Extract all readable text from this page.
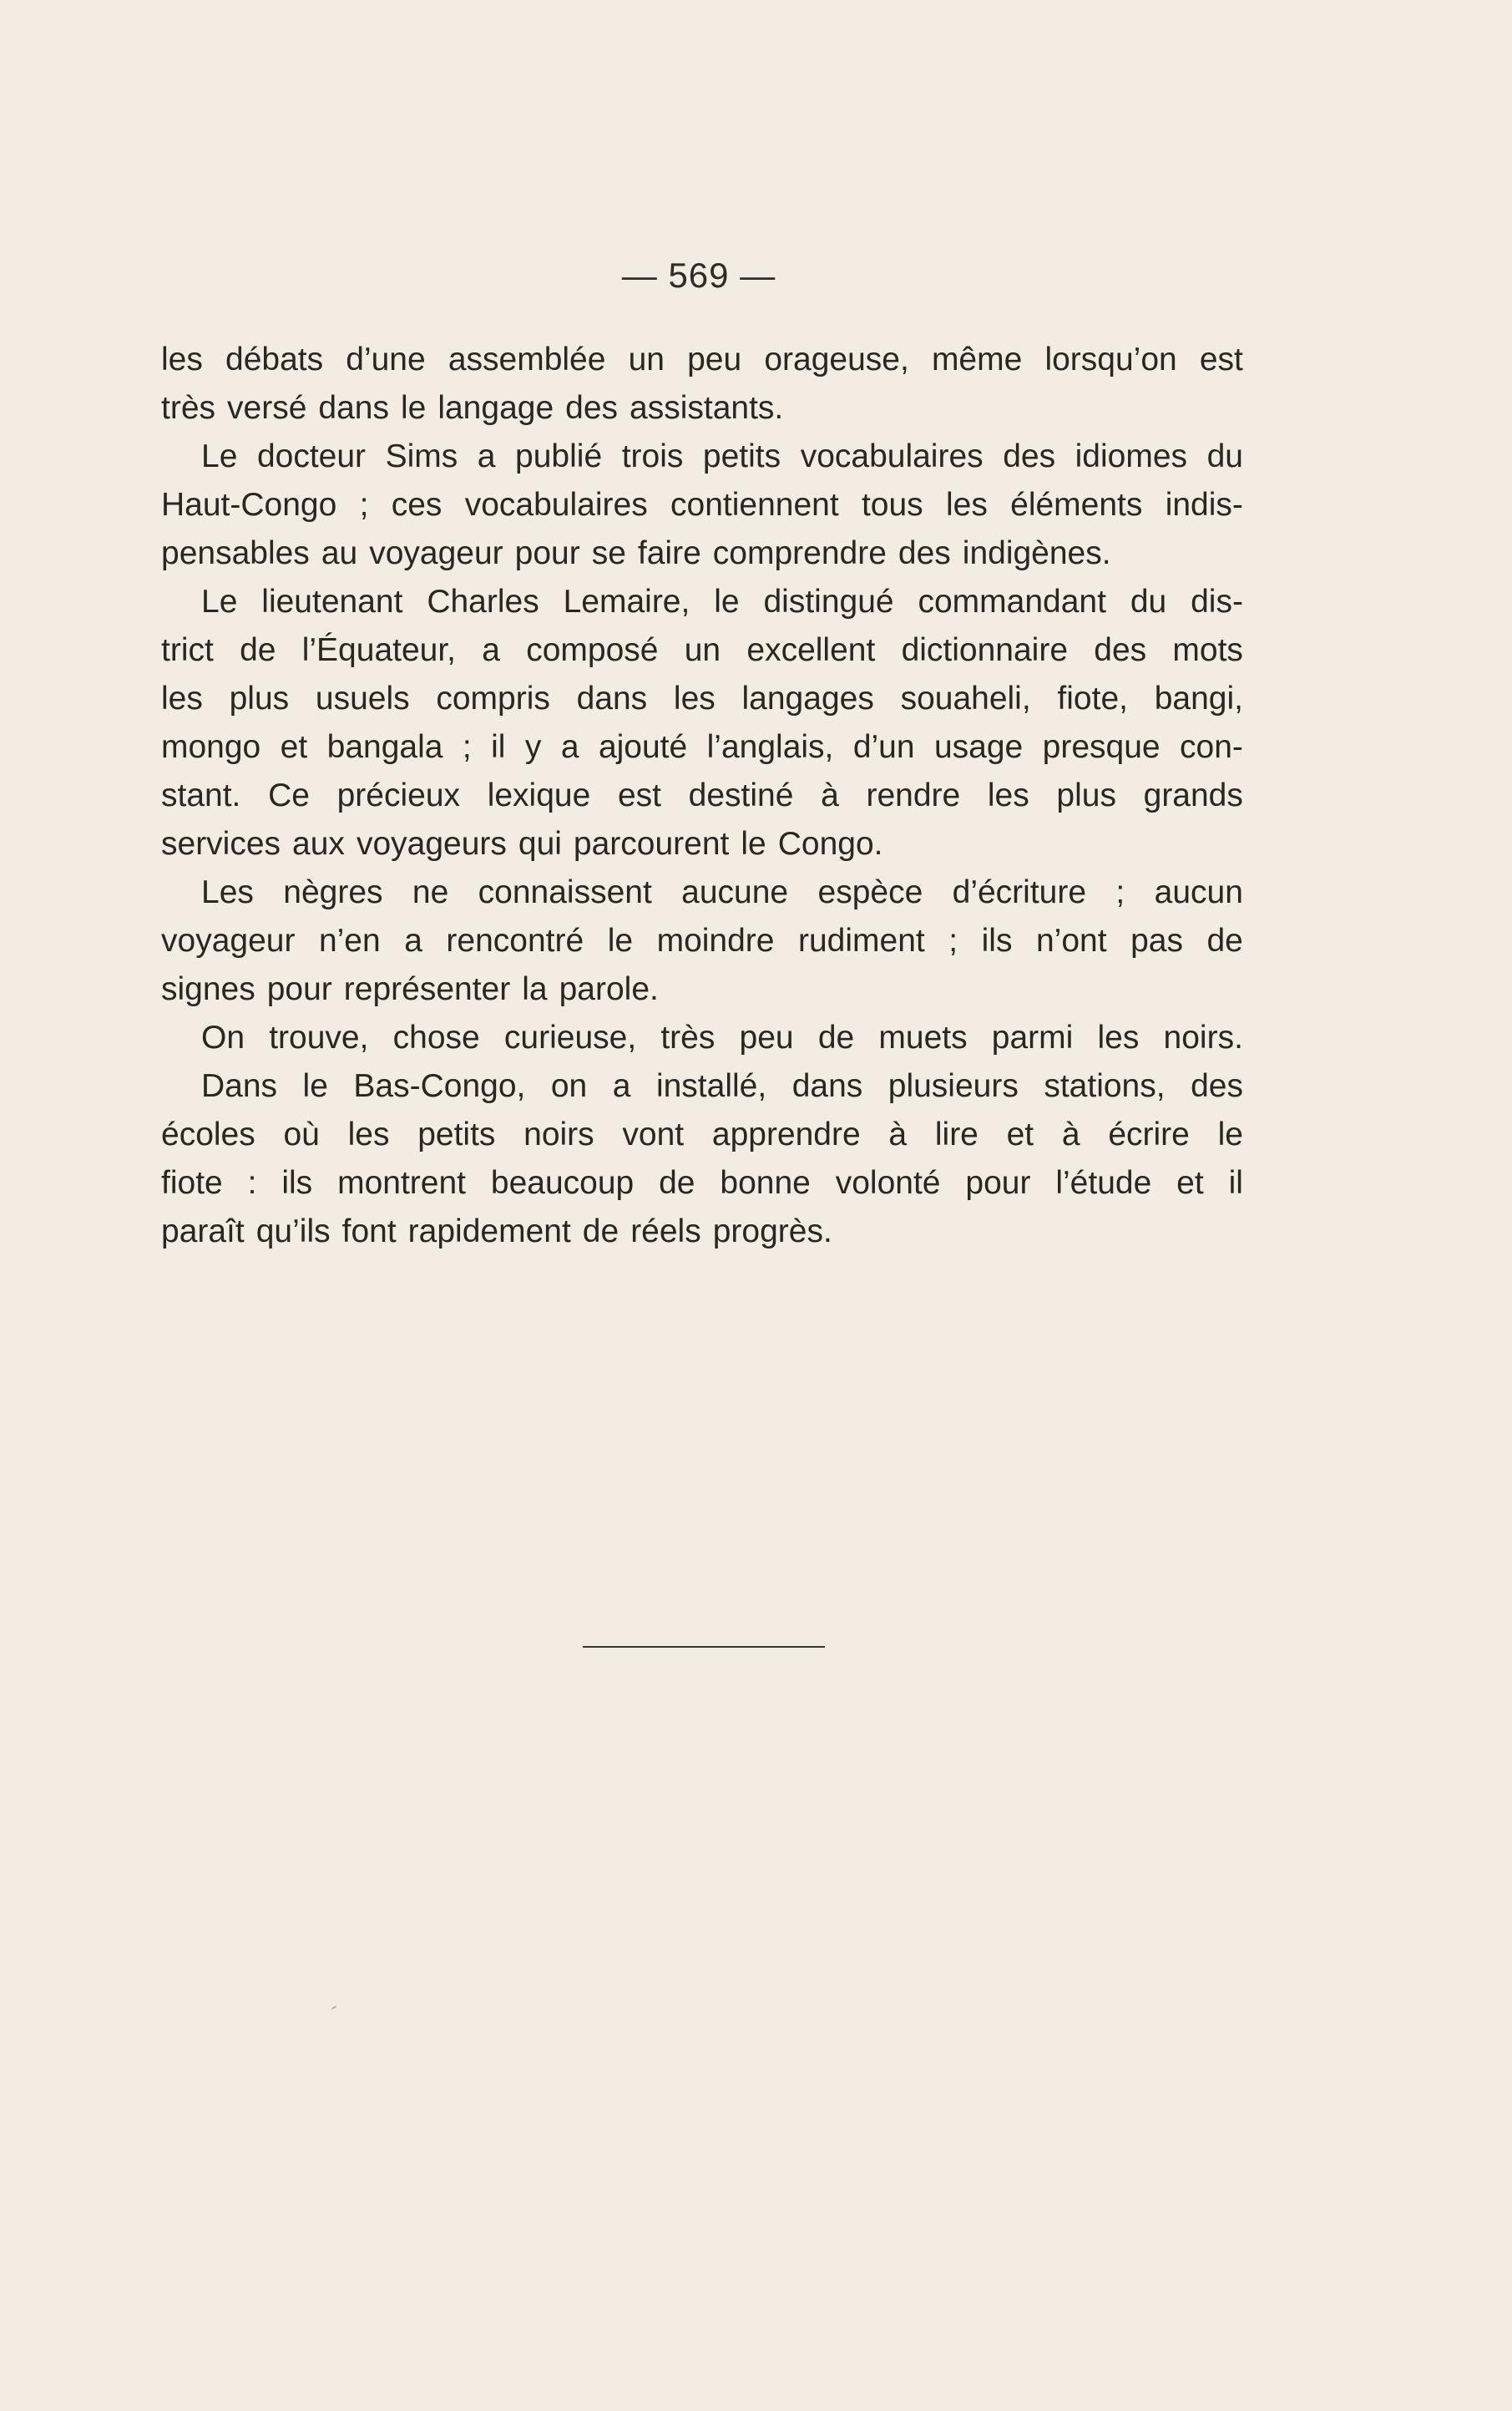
— 569 —
les débats d’une assemblée un peu orageuse, même lorsqu’on est
très versé dans le langage des assistants.
Le docteur Sims a publié trois petits vocabulaires des idiomes du
Haut-Congo ; ces vocabulaires contiennent tous les éléments indis-
pensables au voyageur pour se faire comprendre des indigènes.
Le lieutenant Charles Lemaire, le distingué commandant du dis-
trict de l’Équateur, a composé un excellent dictionnaire des mots
les plus usuels compris dans les langages souaheli, fiote, bangi,
mongo et bangala ; il y a ajouté l’anglais, d’un usage presque con-
stant. Ce précieux lexique est destiné à rendre les plus grands
services aux voyageurs qui parcourent le Congo.
Les nègres ne connaissent aucune espèce d’écriture ; aucun
voyageur n’en a rencontré le moindre rudiment ; ils n’ont pas de
signes pour représenter la parole.
On trouve, chose curieuse, très peu de muets parmi les noirs.
Dans le Bas-Congo, on a installé, dans plusieurs stations, des
écoles où les petits noirs vont apprendre à lire et à écrire le
fiote : ils montrent beaucoup de bonne volonté pour l’étude et il
paraît qu’ils font rapidement de réels progrès.
